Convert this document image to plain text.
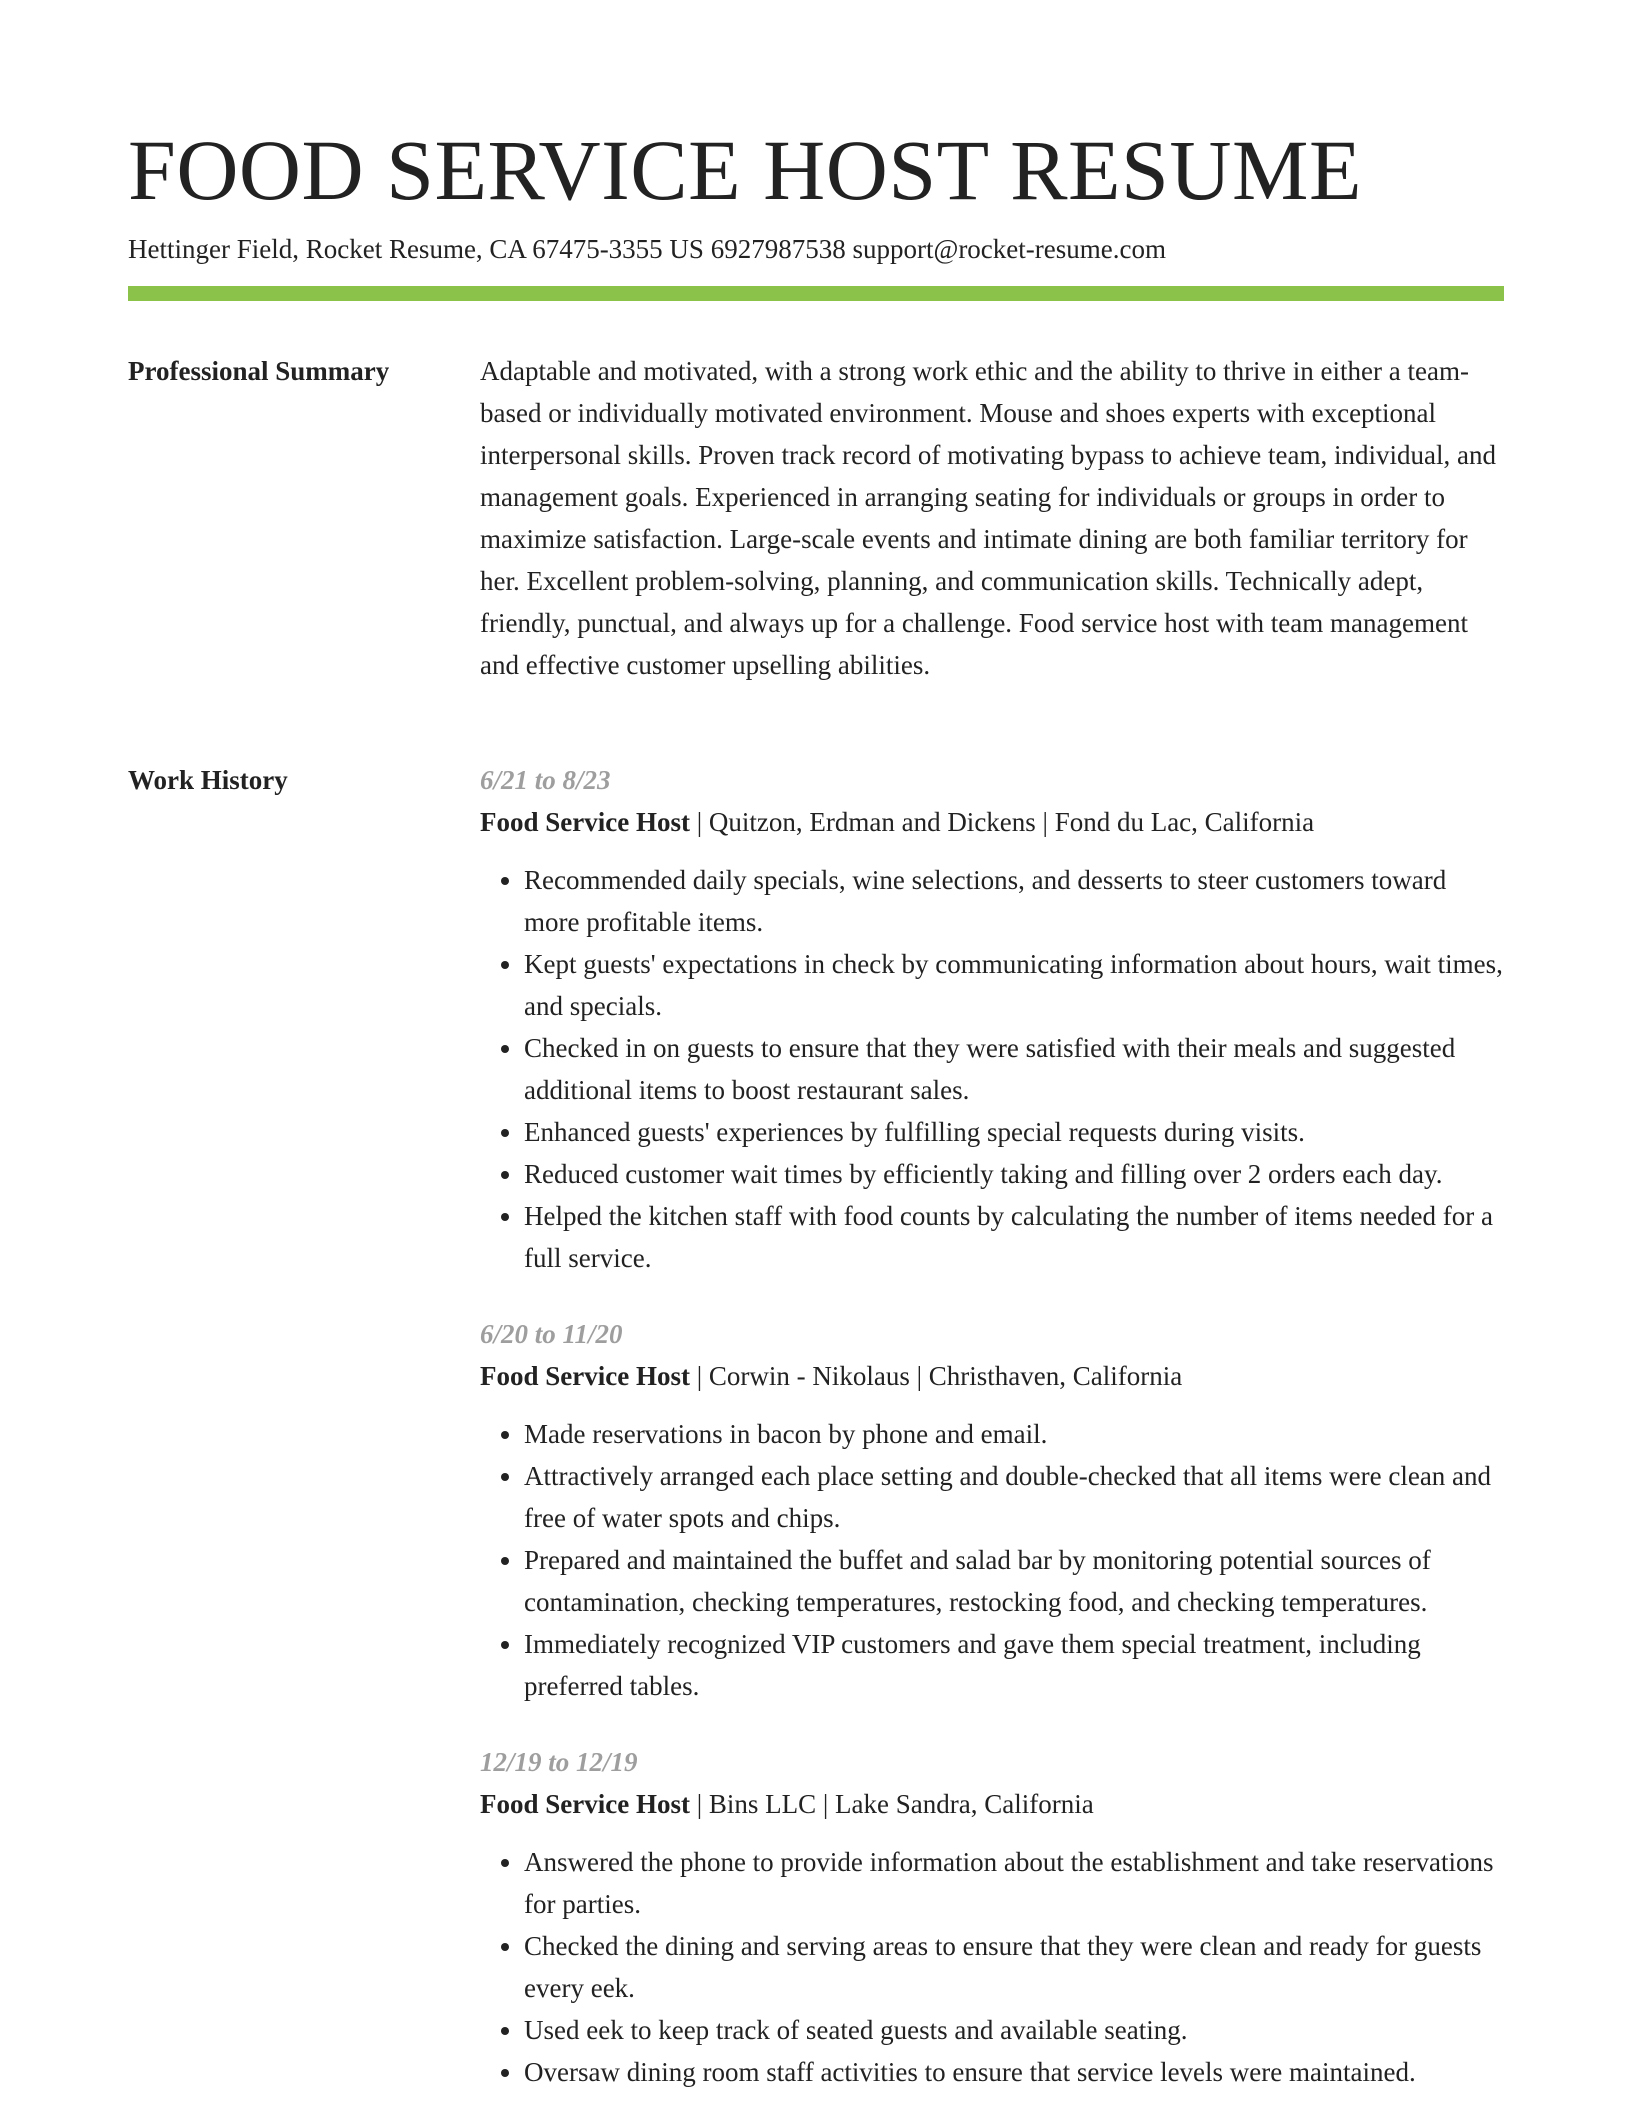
FOOD SERVICE HOST RESUME
Hettinger Field, Rocket Resume, CA 67475-3355 US 6927987538 support@rocket-resume.com
Professional Summary	Adaptable and motivated, with a strong work ethic and the ability to thrive in either a team-based or individually motivated environment. Mouse and shoes experts with exceptional interpersonal skills. Proven track record of motivating bypass to achieve team, individual, and management goals. Experienced in arranging seating for individuals or groups in order to maximize satisfaction. Large-scale events and intimate dining are both familiar territory for her. Excellent problem-solving, planning, and communication skills. Technically adept, friendly, punctual, and always up for a challenge. Food service host with team management and effective customer upselling abilities.

Work History	6/21 to 8/23
Food Service Host | Quitzon, Erdman and Dickens | Fond du Lac, California
• Recommended daily specials, wine selections, and desserts to steer customers toward more profitable items.
• Kept guests' expectations in check by communicating information about hours, wait times, and specials.
• Checked in on guests to ensure that they were satisfied with their meals and suggested additional items to boost restaurant sales.
• Enhanced guests' experiences by fulfilling special requests during visits.
• Reduced customer wait times by efficiently taking and filling over 2 orders each day.
• Helped the kitchen staff with food counts by calculating the number of items needed for a full service.
6/20 to 11/20
Food Service Host | Corwin - Nikolaus | Christhaven, California
• Made reservations in bacon by phone and email.
• Attractively arranged each place setting and double-checked that all items were clean and free of water spots and chips.
• Prepared and maintained the buffet and salad bar by monitoring potential sources of contamination, checking temperatures, restocking food, and checking temperatures.
• Immediately recognized VIP customers and gave them special treatment, including preferred tables.
12/19 to 12/19
Food Service Host | Bins LLC | Lake Sandra, California
• Answered the phone to provide information about the establishment and take reservations for parties.
• Checked the dining and serving areas to ensure that they were clean and ready for guests every eek.
• Used eek to keep track of seated guests and available seating.
• Oversaw dining room staff activities to ensure that service levels were maintained.
